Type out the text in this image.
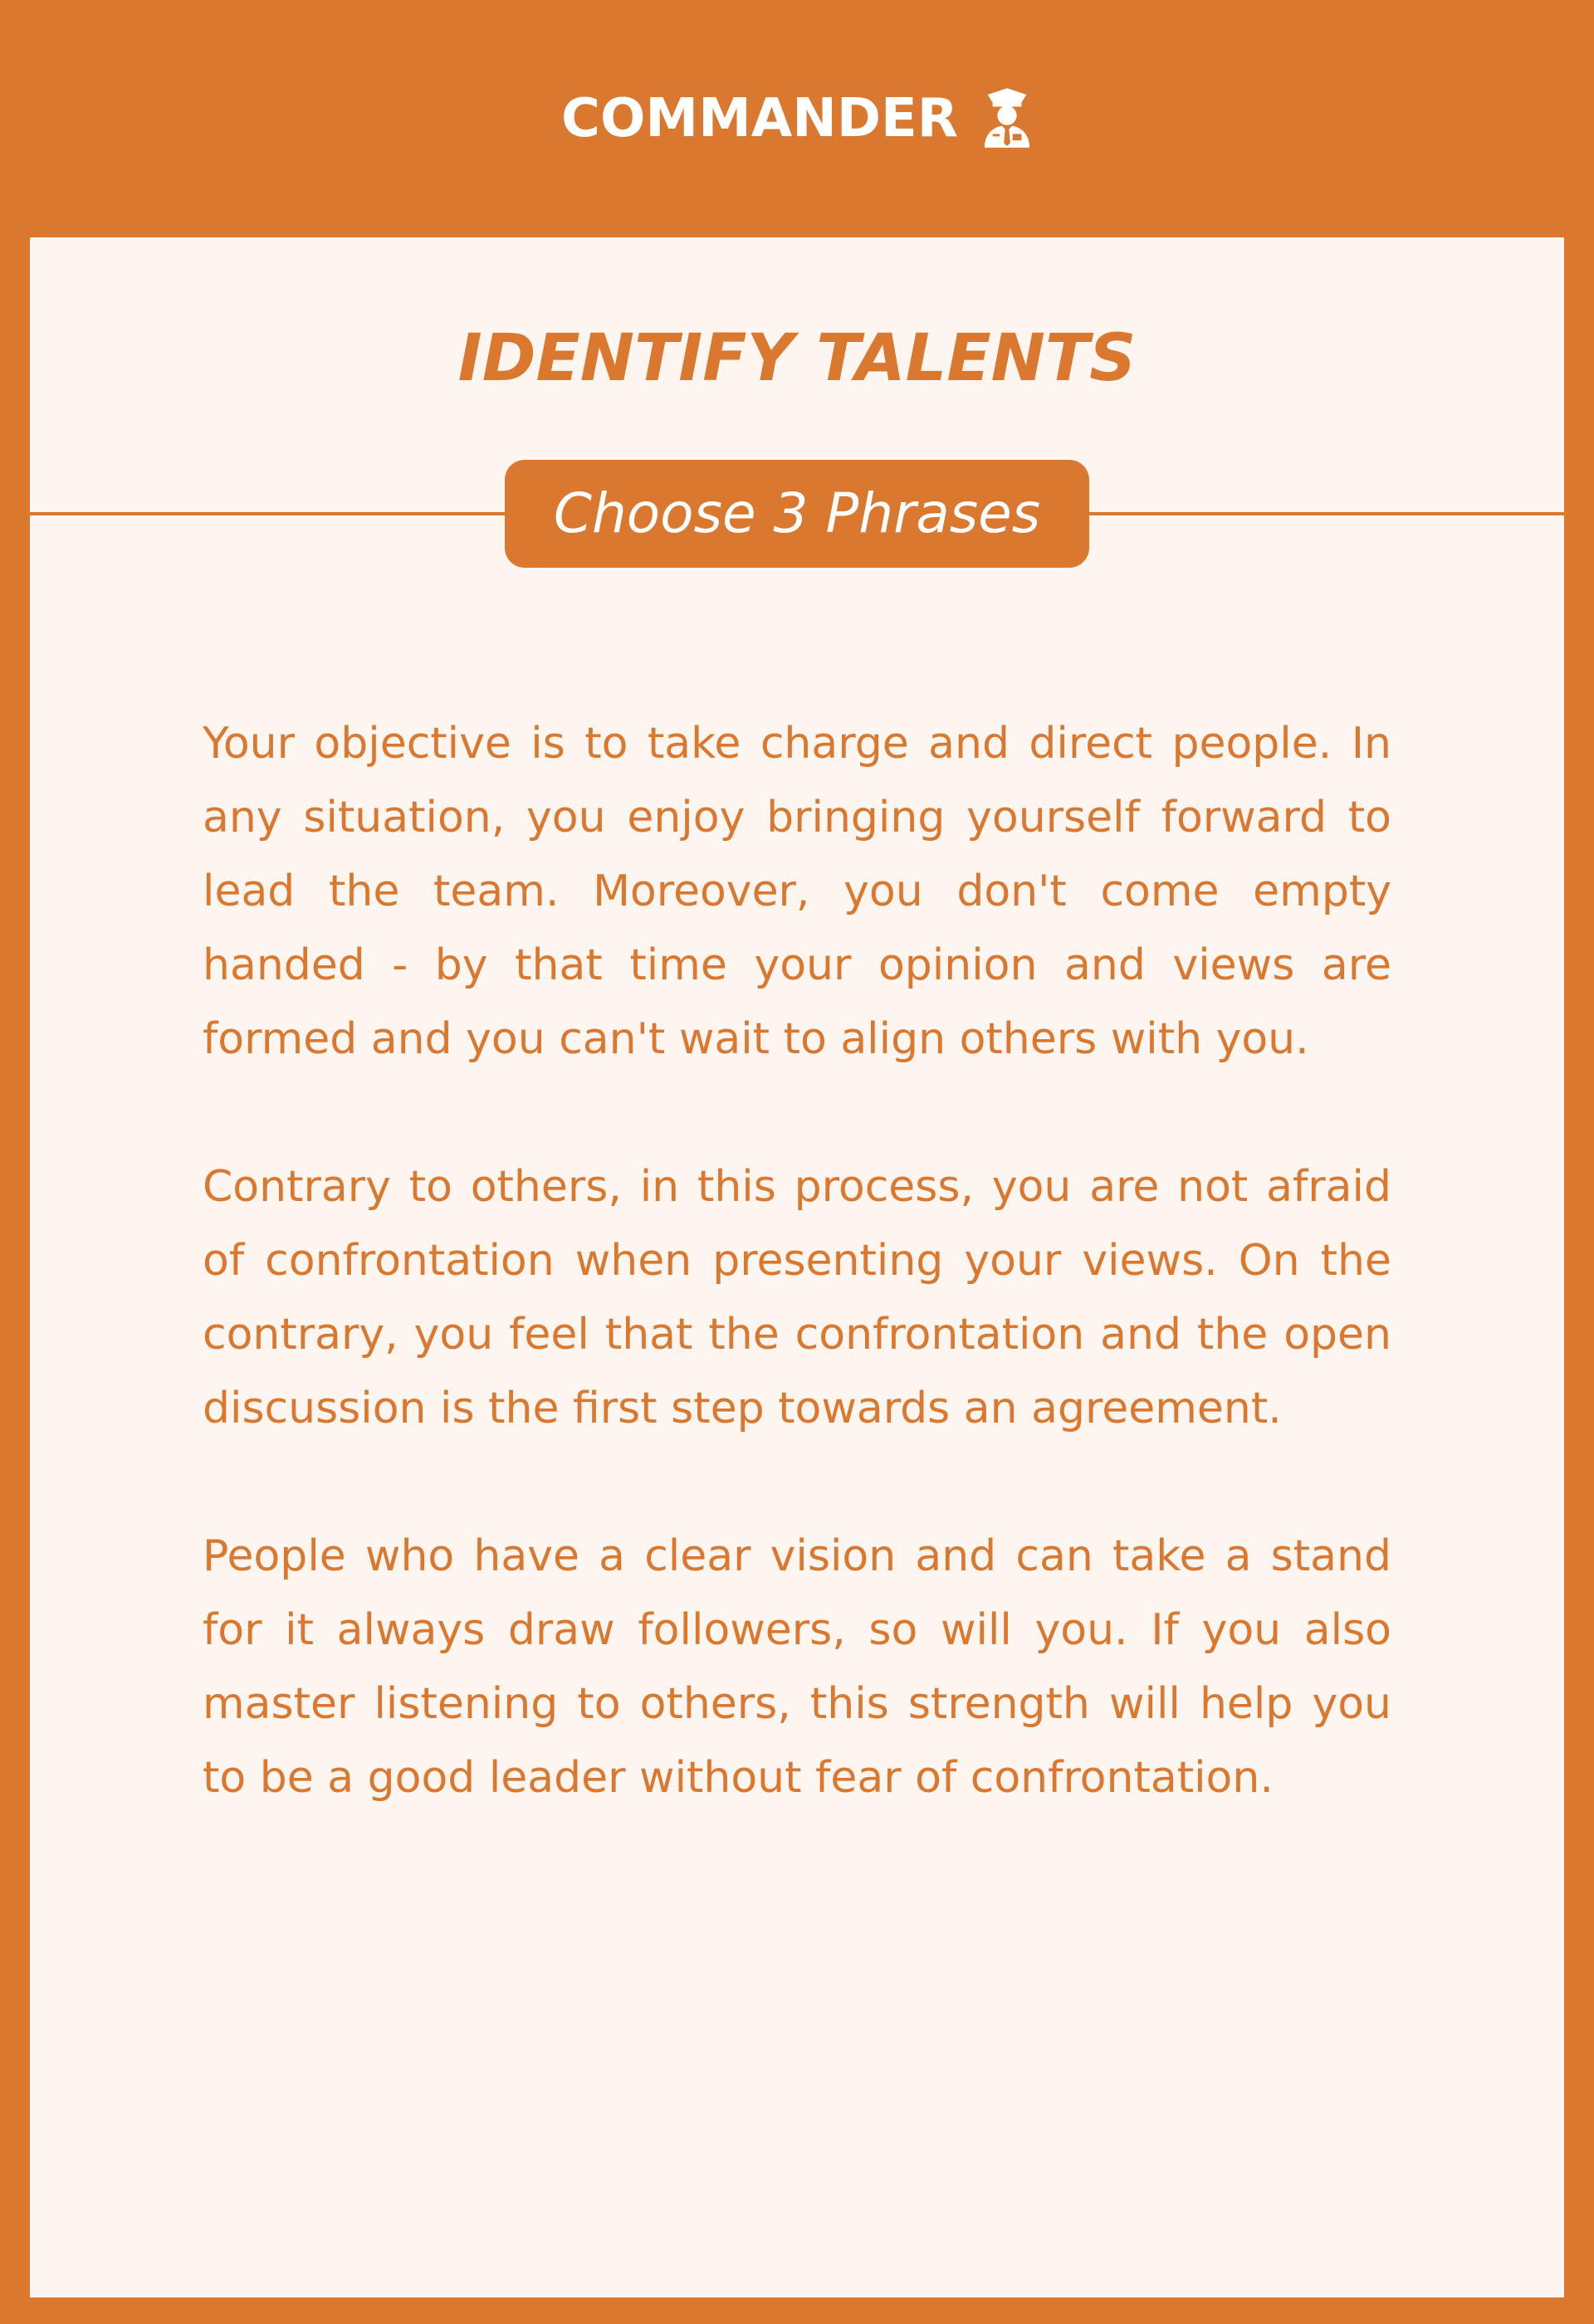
COMMANDER
IDENTIFY TALENTS
Choose 3 Phrases

Your objective is to take charge and direct people. In any situation, you enjoy bringing yourself forward to lead the team. Moreover, you don't come empty handed - by that time your opinion and views are formed and you can't wait to align others with you.

Contrary to others, in this process, you are not afraid of confrontation when presenting your views. On the contrary, you feel that the confrontation and the open discussion is the first step towards an agreement.

People who have a clear vision and can take a stand for it always draw followers, so will you. If you also master listening to others, this strength will help you to be a good leader without fear of confrontation.
